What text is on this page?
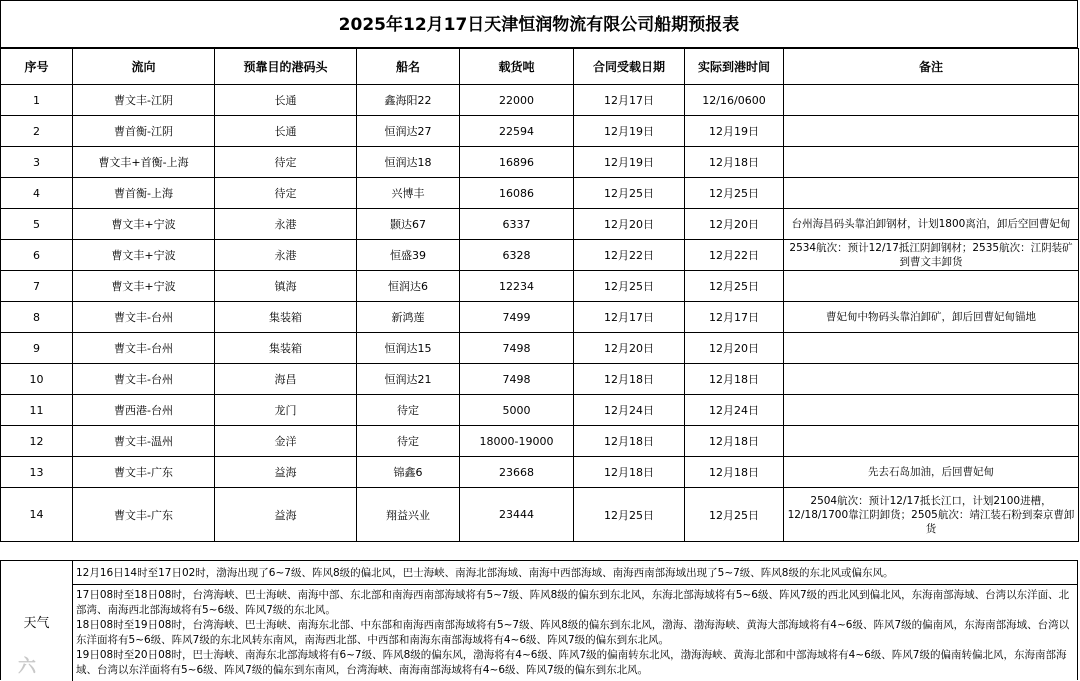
2025年12月17日天津恒润物流有限公司船期预报表
序号	流向	预靠目的港码头	船名	载货吨	合同受载日期	实际到港时间	备注
1	曹文丰-江阴	长通	鑫海阳22	22000	12月17日	12/16/0600	
2	曹首衡-江阴	长通	恒润达27	22594	12月19日	12月19日	
3	曹文丰+首衡-上海	待定	恒润达18	16896	12月19日	12月18日	
4	曹首衡-上海	待定	兴博丰	16086	12月25日	12月25日	
5	曹文丰+宁波	永港	颢达67	6337	12月20日	12月20日	台州海昌码头靠泊卸钢材，计划1800离泊，卸后空回曹妃甸
6	曹文丰+宁波	永港	恒盛39	6328	12月22日	12月22日	2534航次：预计12/17抵江阴卸钢材；2535航次：江阴装矿到曹文丰卸货
7	曹文丰+宁波	镇海	恒润达6	12234	12月25日	12月25日	
8	曹文丰-台州	集装箱	新鸿莲	7499	12月17日	12月17日	曹妃甸中物码头靠泊卸矿，卸后回曹妃甸锚地
9	曹文丰-台州	集装箱	恒润达15	7498	12月20日	12月20日	
10	曹文丰-台州	海昌	恒润达21	7498	12月18日	12月18日	
11	曹西港-台州	龙门	待定	5000	12月24日	12月24日	
12	曹文丰-温州	金洋	待定	18000-19000	12月18日	12月18日	
13	曹文丰-广东	益海	锦鑫6	23668	12月18日	12月18日	先去石岛加油，后回曹妃甸
14	曹文丰-广东	益海	翔益兴业	23444	12月25日	12月25日	2504航次：预计12/17抵长江口，计划2100进槽，12/18/1700靠江阴卸货；2505航次：靖江装石粉到秦京曹卸货
天气
12月16日14时至17日02时，渤海出现了6~7级、阵风8级的偏北风，巴士海峡、南海北部海域、南海中西部海域、南海西南部海域出现了5~7级、阵风8级的东北风或偏东风。

17日08时至18日08时，台湾海峡、巴士海峡、南海中部、东北部和南海西南部海域将有5~7级、阵风8级的偏东到东北风，东海北部海域将有5~6级、阵风7级的西北风到偏北风，东海南部海域、台湾以东洋面、北部湾、南海西北部海域将有5~6级、阵风7级的东北风。

18日08时至19日08时，台湾海峡、巴士海峡、南海东北部、中东部和南海西南部海域将有5~7级、阵风8级的偏东到东北风，渤海、渤海海峡、黄海大部海域将有4~6级、阵风7级的偏南风，东海南部海域、台湾以东洋面将有5~6级、阵风7级的东北风转东南风，南海西北部、中西部和南海东南部海域将有4~6级、阵风7级的偏东到东北风。

19日08时至20日08时，巴士海峡、南海东北部海域将有6~7级、阵风8级的偏东风，渤海将有4~6级、阵风7级的偏南转东北风，渤海海峡、黄海北部和中部海域将有4~6级、阵风7级的偏南转偏北风，东海南部海域、台湾以东洋面将有5~6级、阵风7级的偏东到东南风，台湾海峡、南海南部海域将有4~6级、阵风7级的偏东到东北风。

六
